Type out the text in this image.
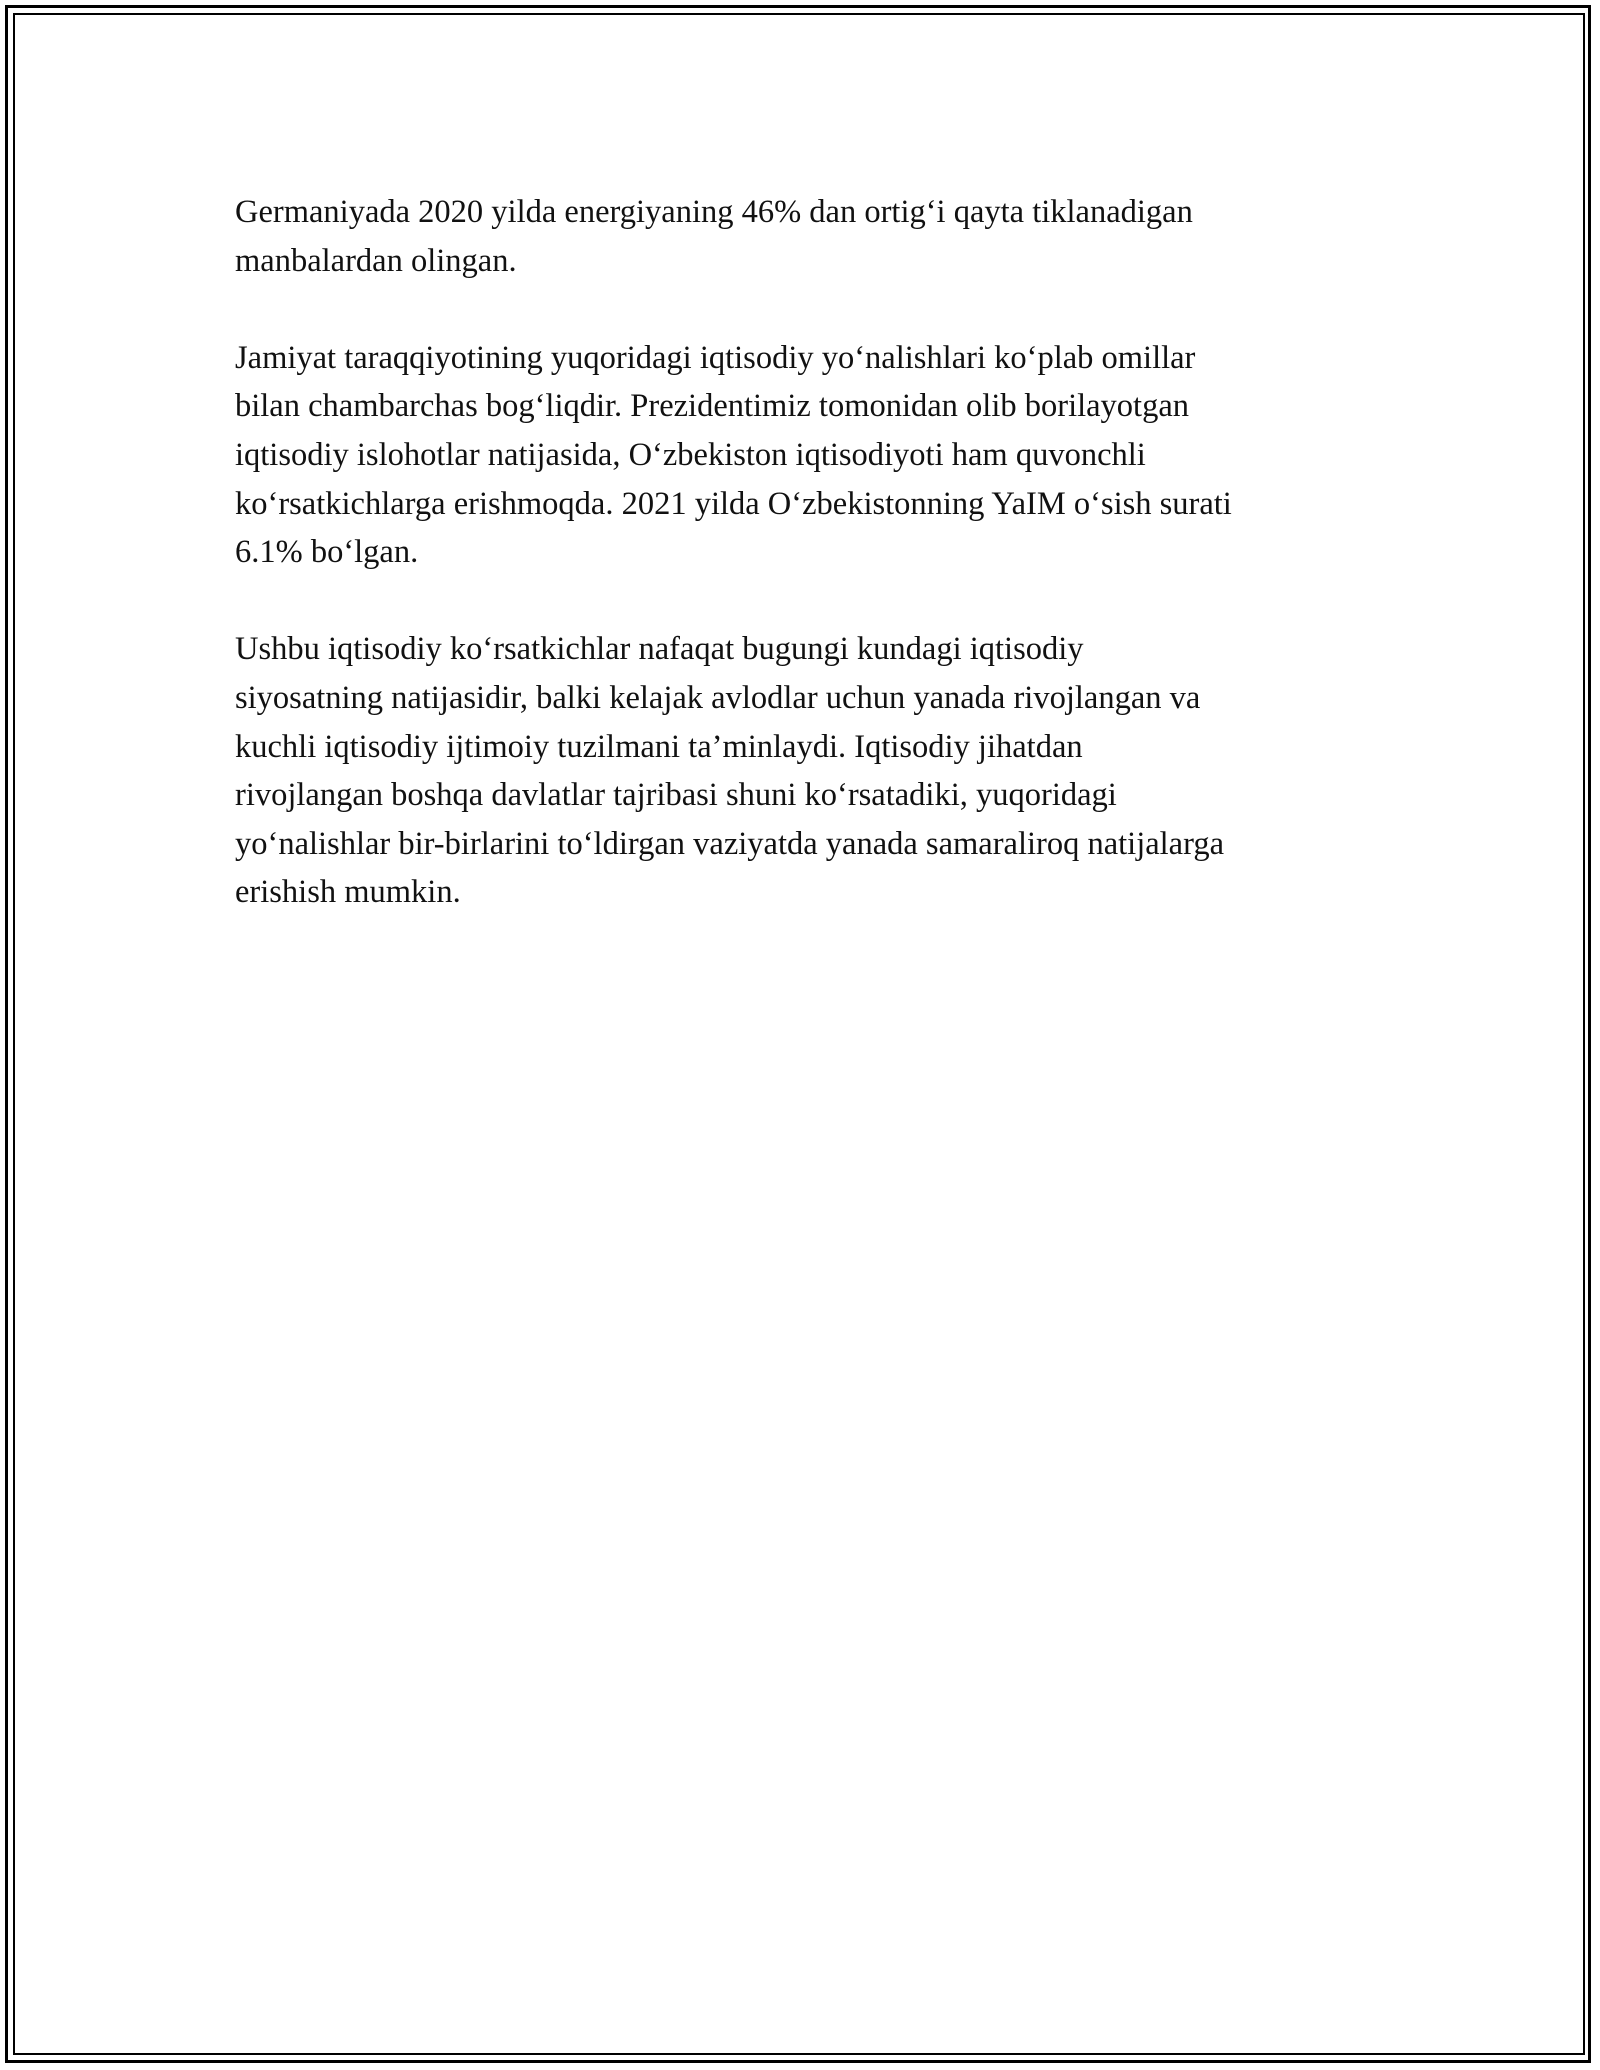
Germaniyada 2020 yilda energiyaning 46% dan ortig‘i qayta tiklanadigan
manbalardan olingan.

Jamiyat taraqqiyotining yuqoridagi iqtisodiy yo‘nalishlari ko‘plab omillar
bilan chambarchas bog‘liqdir. Prezidentimiz tomonidan olib borilayotgan
iqtisodiy islohotlar natijasida, O‘zbekiston iqtisodiyoti ham quvonchli
ko‘rsatkichlarga erishmoqda. 2021 yilda O‘zbekistonning YaIM o‘sish surati
6.1% bo‘lgan.

Ushbu iqtisodiy ko‘rsatkichlar nafaqat bugungi kundagi iqtisodiy
siyosatning natijasidir, balki kelajak avlodlar uchun yanada rivojlangan va
kuchli iqtisodiy ijtimoiy tuzilmani ta’minlaydi. Iqtisodiy jihatdan
rivojlangan boshqa davlatlar tajribasi shuni ko‘rsatadiki, yuqoridagi
yo‘nalishlar bir-birlarini to‘ldirgan vaziyatda yanada samaraliroq natijalarga
erishish mumkin.
